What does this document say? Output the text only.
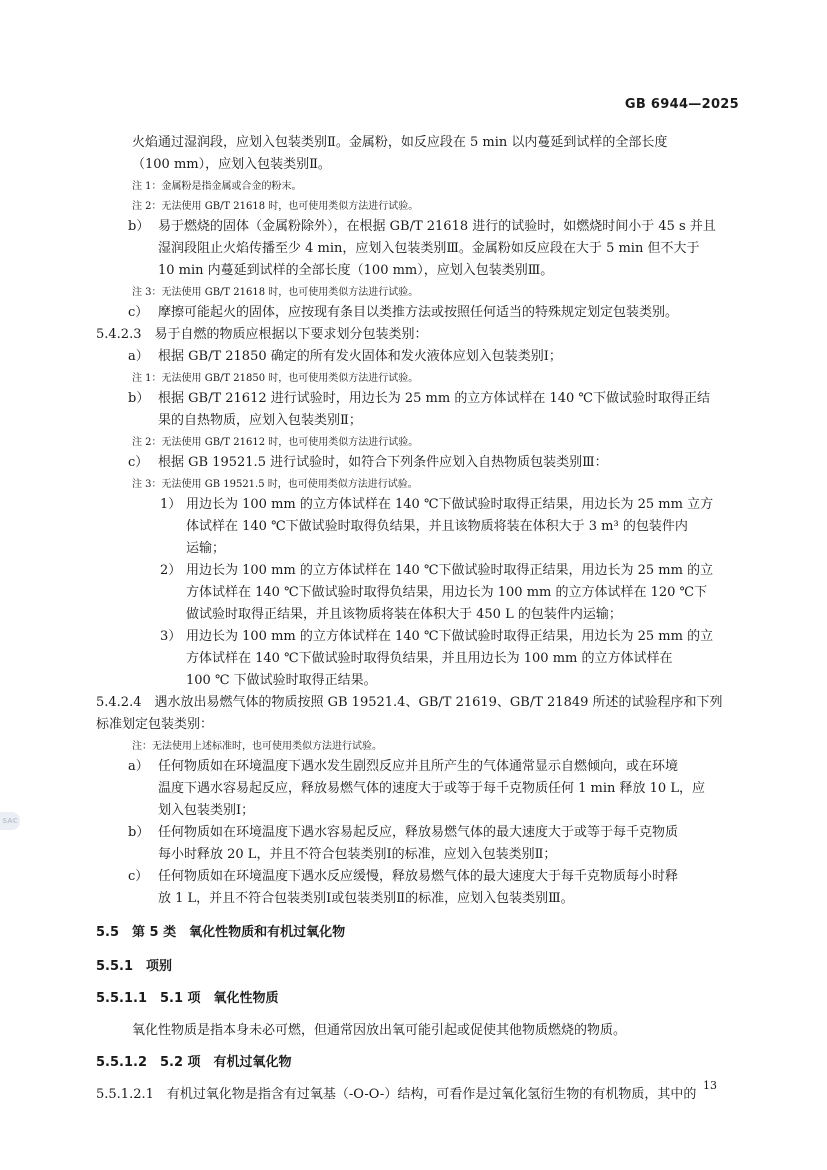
GB 6944—2025
SAC
火焰通过湿润段，应划入包装类别Ⅱ。金属粉，如反应段在 5 min 以内蔓延到试样的全部长度
（100 mm），应划入包装类别Ⅱ。
注 1：金属粉是指金属或合金的粉末。
注 2：无法使用 GB/T 21618 时，也可使用类似方法进行试验。
b） 易于燃烧的固体（金属粉除外），在根据 GB/T 21618 进行的试验时，如燃烧时间小于 45 s 并且
湿润段阻止火焰传播至少 4 min，应划入包装类别Ⅲ。金属粉如反应段在大于 5 min 但不大于
10 min 内蔓延到试样的全部长度（100 mm），应划入包装类别Ⅲ。
注 3：无法使用 GB/T 21618 时，也可使用类似方法进行试验。
c） 摩擦可能起火的固体，应按现有条目以类推方法或按照任何适当的特殊规定划定包装类别。
5.4.2.3　易于自燃的物质应根据以下要求划分包装类别：
a） 根据 GB/T 21850 确定的所有发火固体和发火液体应划入包装类别Ⅰ；
注 1：无法使用 GB/T 21850 时，也可使用类似方法进行试验。
b） 根据 GB/T 21612 进行试验时，用边长为 25 mm 的立方体试样在 140 ℃下做试验时取得正结
果的自热物质，应划入包装类别Ⅱ；
注 2：无法使用 GB/T 21612 时，也可使用类似方法进行试验。
c） 根据 GB 19521.5 进行试验时，如符合下列条件应划入自热物质包装类别Ⅲ：
注 3：无法使用 GB 19521.5 时，也可使用类似方法进行试验。
1） 用边长为 100 mm 的立方体试样在 140 ℃下做试验时取得正结果，用边长为 25 mm 立方
体试样在 140 ℃下做试验时取得负结果，并且该物质将装在体积大于 3 m³ 的包装件内
运输；
2） 用边长为 100 mm 的立方体试样在 140 ℃下做试验时取得正结果，用边长为 25 mm 的立
方体试样在 140 ℃下做试验时取得负结果，用边长为 100 mm 的立方体试样在 120 ℃下
做试验时取得正结果，并且该物质将装在体积大于 450 L 的包装件内运输；
3） 用边长为 100 mm 的立方体试样在 140 ℃下做试验时取得正结果，用边长为 25 mm 的立
方体试样在 140 ℃下做试验时取得负结果，并且用边长为 100 mm 的立方体试样在
100 ℃ 下做试验时取得正结果。
5.4.2.4　遇水放出易燃气体的物质按照 GB 19521.4、GB/T 21619、GB/T 21849 所述的试验程序和下列
标准划定包装类别：
注：无法使用上述标准时，也可使用类似方法进行试验。
a） 任何物质如在环境温度下遇水发生剧烈反应并且所产生的气体通常显示自燃倾向，或在环境
温度下遇水容易起反应，释放易燃气体的速度大于或等于每千克物质任何 1 min 释放 10 L，应
划入包装类别Ⅰ；
b） 任何物质如在环境温度下遇水容易起反应，释放易燃气体的最大速度大于或等于每千克物质
每小时释放 20 L，并且不符合包装类别Ⅰ的标准，应划入包装类别Ⅱ；
c） 任何物质如在环境温度下遇水反应缓慢，释放易燃气体的最大速度大于每千克物质每小时释
放 1 L，并且不符合包装类别Ⅰ或包装类别Ⅱ的标准，应划入包装类别Ⅲ。
5.5　第 5 类　氧化性物质和有机过氧化物
5.5.1　项别
5.5.1.1　5.1 项　氧化性物质
氧化性物质是指本身未必可燃，但通常因放出氧可能引起或促使其他物质燃烧的物质。
5.5.1.2　5.2 项　有机过氧化物
5.5.1.2.1　有机过氧化物是指含有过氧基（-O-O-）结构，可看作是过氧化氢衍生物的有机物质，其中的
13
